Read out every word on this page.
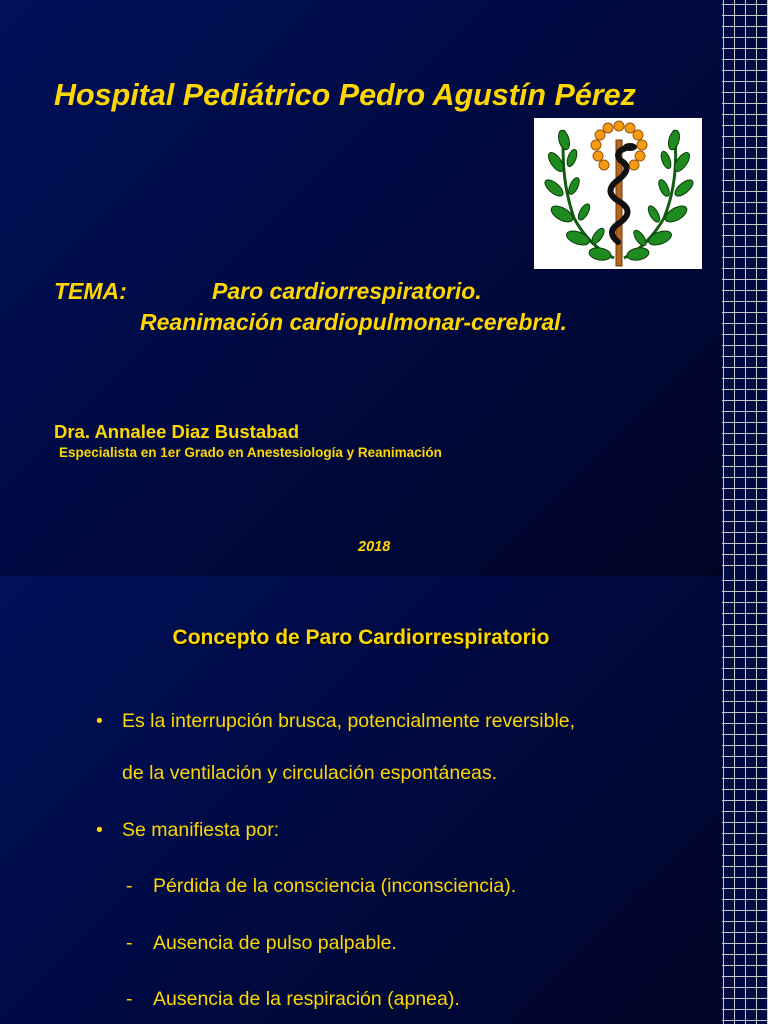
Hospital Pediátrico Pedro Agustín Pérez
TEMA:	Paro cardiorrespiratorio.
Reanimación cardiopulmonar-cerebral.
Dra. Annalee Diaz Bustabad
Especialista en 1er Grado en Anestesiología y Reanimación
2018
Concepto de Paro Cardiorrespiratorio
• Es la interrupción brusca, potencialmente reversible,
de la ventilación y circulación espontáneas.
• Se manifiesta por:
- Pérdida de la consciencia (inconsciencia).
- Ausencia de pulso palpable.
- Ausencia de la respiración (apnea).
